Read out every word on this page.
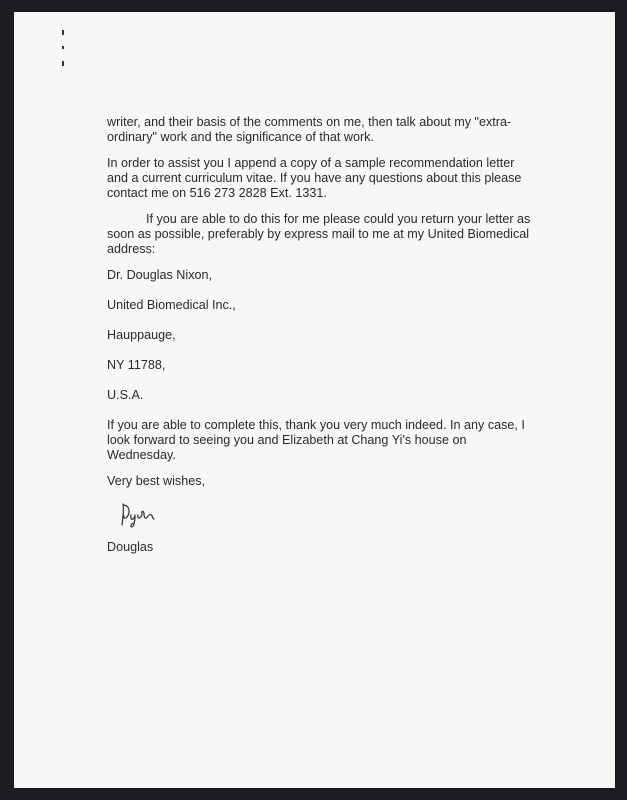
writer, and their basis of the comments on me, then talk about my "extra-
ordinary" work and the significance of that work.

In order to assist you I append a copy of a sample recommendation letter and a current curriculum vitae. If you have any questions about this please contact me on 516 273 2828 Ext. 1331.

If you are able to do this for me please could you return your letter as soon as possible, preferably by express mail to me at my United Biomedical address:

Dr. Douglas Nixon,

United Biomedical Inc.,

Hauppauge,

NY 11788,

U.S.A.

If you are able to complete this, thank you very much indeed. In any case, I look forward to seeing you and Elizabeth at Chang Yi's house on Wednesday.

Very best wishes,

Douglas
